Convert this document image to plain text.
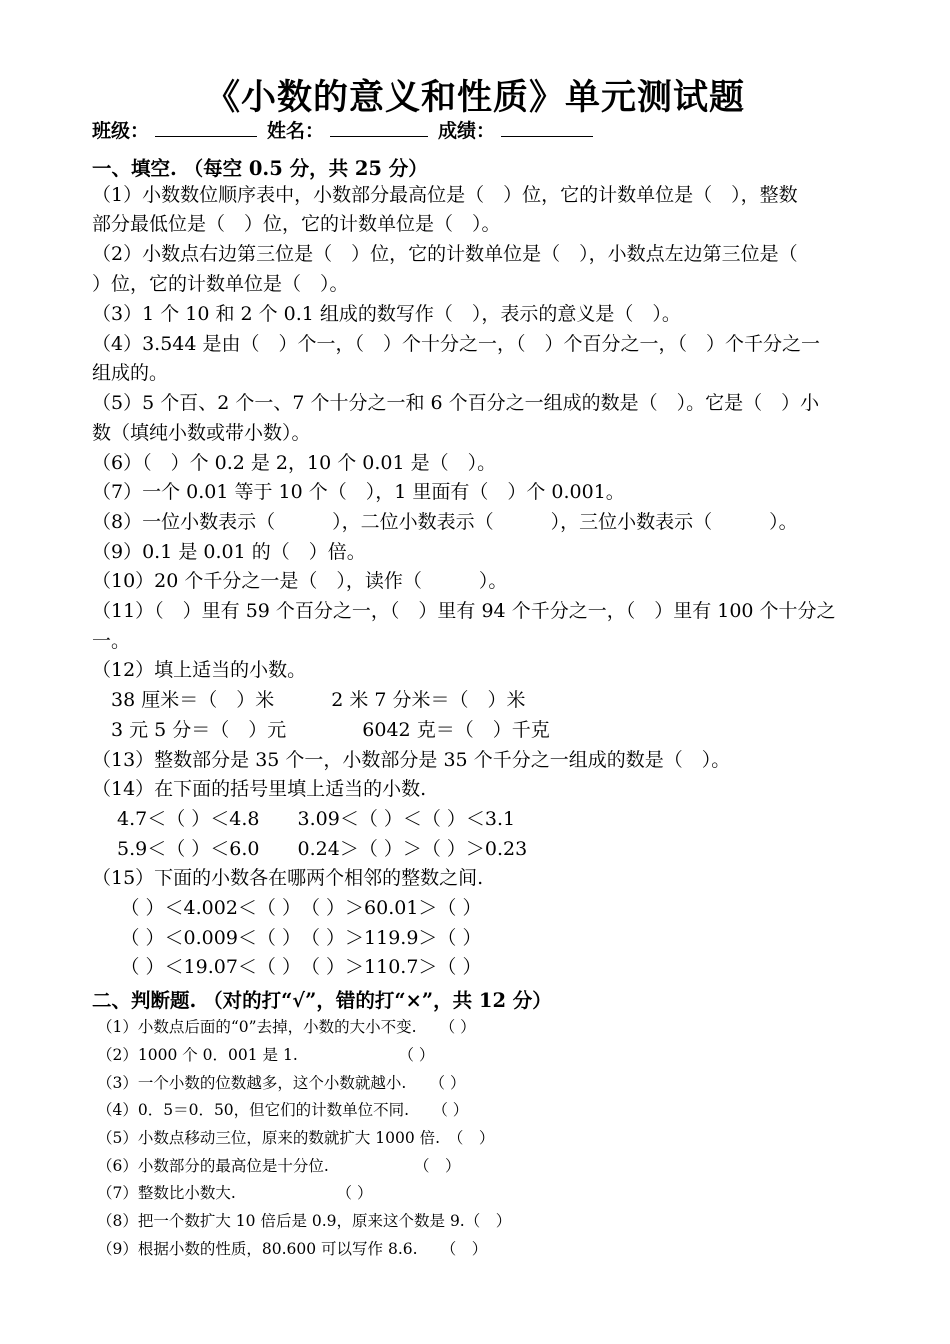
《小数的意义和性质》单元测试题
班级：	姓名：	成绩：
一、填空. （每空 0.5 分，共 25 分）
（1）小数数位顺序表中，小数部分最高位是（　）位，它的计数单位是（　），整数
部分最低位是（　）位，它的计数单位是（　）。
（2）小数点右边第三位是（　）位，它的计数单位是（　），小数点左边第三位是（
）位，它的计数单位是（　）。
（3）1 个 10 和 2 个 0.1 组成的数写作（　），表示的意义是（　）。
（4）3.544 是由（　）个一，（　）个十分之一，（　）个百分之一，（　）个千分之一
组成的。
（5）5 个百、2 个一、7 个十分之一和 6 个百分之一组成的数是（　）。它是（　）小
数（填纯小数或带小数）。
（6）（　）个 0.2 是 2，10 个 0.01 是（　）。
（7）一个 0.01 等于 10 个（　），1 里面有（　）个 0.001。
（8）一位小数表示（　　　），二位小数表示（　　　），三位小数表示（　　　）。
（9）0.1 是 0.01 的（　）倍。
（10）20 个千分之一是（　），读作（　　　）。
（11）（　）里有 59 个百分之一，（　）里有 94 个千分之一，（　）里有 100 个十分之
一。
（12）填上适当的小数。
　38 厘米＝（　）米　　　2 米 7 分米＝（　）米
　3 元 5 分＝（　）元　　　　6042 克＝（　）千克
（13）整数部分是 35 个一，小数部分是 35 个千分之一组成的数是（　）。
（14）在下面的括号里填上适当的小数.
　 4.7＜（ ）＜4.8　　3.09＜（ ）＜（ ）＜3.1
　 5.9＜（ ）＜6.0　　0.24＞（ ）＞（ ）＞0.23
（15）下面的小数各在哪两个相邻的整数之间.
　　（ ）＜4.002＜（ ）　（ ）＞60.01＞（ ）
　　（ ）＜0.009＜（ ）　（ ）＞119.9＞（ ）
　　（ ）＜19.07＜（ ）　（ ）＞110.7＞（ ）
二、判断题. （对的打“√”，错的打“×”，共 12 分）
（1）小数点后面的“0”去掉，小数的大小不变.　　（ ）
（2）1000 个 0．001 是 1.　　　　　　　（ ）
（3）一个小数的位数越多，这个小数就越小.　　（ ）
（4）0．5＝0．50，但它们的计数单位不同.　　（ ）
（5）小数点移动三位，原来的数就扩大 1000 倍.　（　）
（6）小数部分的最高位是十分位.　　　　　　（　）
（7）整数比小数大.　　　　　　　（ ）
（8）把一个数扩大 10 倍后是 0.9，原来这个数是 9.（　）
（9）根据小数的性质，80.600 可以写作 8.6.　　（　）
